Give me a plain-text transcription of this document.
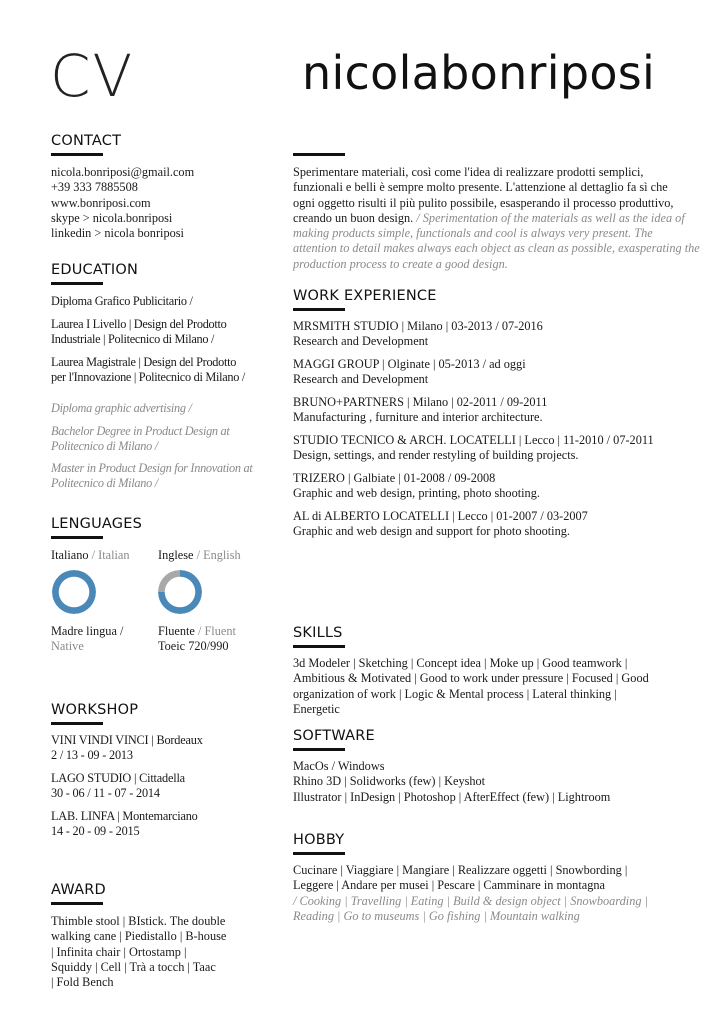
CV	nicolabonriposi
CONTACT
nicola.bonriposi@gmail.com
+39 333 7885508
www.bonriposi.com
skype > nicola.bonriposi
linkedin > nicola bonriposi
EDUCATION
Diploma Grafico Publicitario /
Laurea I Livello | Design del Prodotto
Industriale | Politecnico di Milano /
Laurea Magistrale | Design del Prodotto
per l'Innovazione | Politecnico di Milano /
Diploma graphic advertising /
Bachelor Degree in Product Design at
Politecnico di Milano /
Master in Product Design for Innovation at
Politecnico di Milano /
LENGUAGES
Italiano / Italian
Madre lingua /
Native
Inglese / English
Fluente / Fluent
Toeic 720/990
WORKSHOP
VINI VINDI VINCI | Bordeaux
2 / 13 - 09 - 2013
LAGO STUDIO | Cittadella
30 - 06 / 11 - 07 - 2014
LAB. LINFA | Montemarciano
14 - 20 - 09 - 2015
AWARD
Thimble stool | BIstick. The double
walking cane | Piedistallo | B-house
| Infinita chair | Ortostamp |
Squiddy | Cell | Trà a tocch | Taac
| Fold Bench
Sperimentare materiali, così come l'idea di realizzare prodotti semplici,
funzionali e belli è sempre molto presente. L'attenzione al dettaglio fa sì che
ogni oggetto risulti il più pulito possibile, esasperando il processo produttivo,
creando un buon design. / Sperimentation of the materials as well as the idea of
making products simple, functionals and cool is always very present. The
attention to detail makes always each object as clean as possible, exasperating the
production process to create a good design.
WORK EXPERIENCE
MRSMITH STUDIO | Milano | 03-2013 / 07-2016
Research and Development
MAGGI GROUP | Olginate | 05-2013 / ad oggi
Research and Development
BRUNO+PARTNERS | Milano | 02-2011 / 09-2011
Manufacturing , furniture and interior architecture.
STUDIO TECNICO & ARCH. LOCATELLI | Lecco | 11-2010 / 07-2011
Design, settings, and render restyling of building projects.
TRIZERO | Galbiate | 01-2008 / 09-2008
Graphic and web design, printing, photo shooting.
AL di ALBERTO LOCATELLI | Lecco | 01-2007 / 03-2007
Graphic and web design and support for photo shooting.
SKILLS
3d Modeler | Sketching | Concept idea | Moke up | Good teamwork |
Ambitious & Motivated | Good to work under pressure | Focused | Good
organization of work | Logic & Mental process | Lateral thinking |
Energetic
SOFTWARE
MacOs / Windows
Rhino 3D | Solidworks (few) | Keyshot
Illustrator | InDesign | Photoshop | AfterEffect (few) | Lightroom
HOBBY
Cucinare | Viaggiare | Mangiare | Realizzare oggetti | Snowbording |
Leggere | Andare per musei | Pescare | Camminare in montagna
/ Cooking | Travelling | Eating | Build & design object | Snowboarding |
Reading | Go to museums | Go fishing | Mountain walking
